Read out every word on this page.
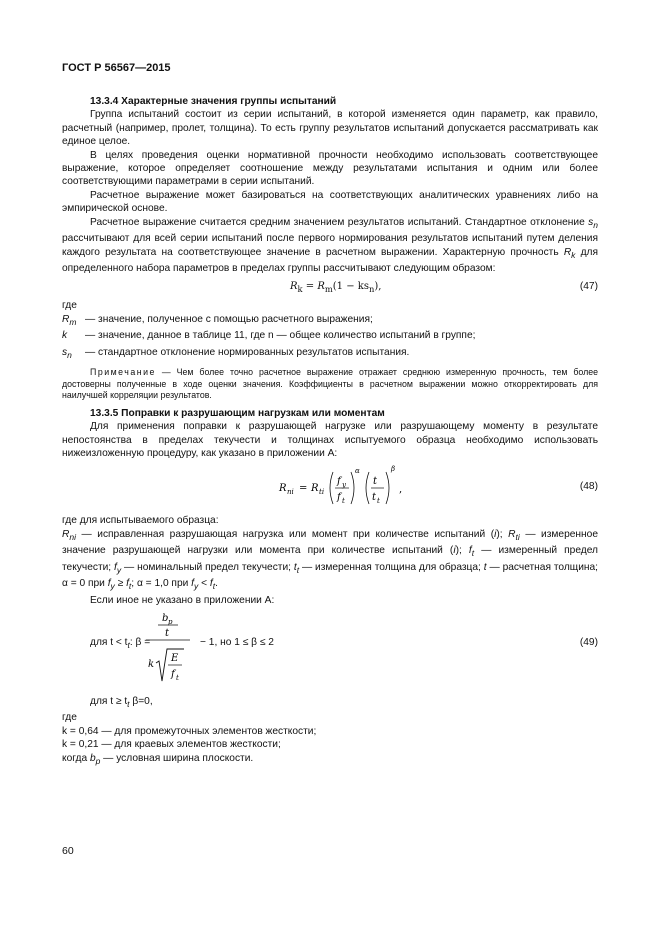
ГОСТ Р 56567—2015

13.3.4 Характерные значения группы испытаний

Группа испытаний состоит из серии испытаний, в которой изменяется один параметр, как правило, расчетный (например, пролет, толщина). То есть группу результатов испытаний допускается рассматривать как единое целое.

В целях проведения оценки нормативной прочности необходимо использовать соответствующее выражение, которое определяет соотношение между результатами испытания и одним или более соответствующими параметрами в серии испытаний.

Расчетное выражение может базироваться на соответствующих аналитических уравнениях либо на эмпирической основе.

Расчетное выражение считается средним значением результатов испытаний. Стандартное отклонение $s_n$ рассчитывают для всей серии испытаний после первого нормирования результатов испытаний путем деления каждого результата на соответствующее значение в расчетном выражении. Характерную прочность $R_k$ для определенного набора параметров в пределах группы рассчитывают следующим образом:

$R_k = R_m(1 - ks_n)$,	(47)

где

$R_m$ — значение, полученное с помощью расчетного выражения;
k	— значение, данное в таблице 11, где n — общее количество испытаний в группе;
$s_n$	— стандартное отклонение нормированных результатов испытания.

Примечание — Чем более точно расчетное выражение отражает среднюю измеренную прочность, тем более достоверны полученные в ходе оценки значения. Коэффициенты в расчетном выражении можно откорректировать для наилучшей корреляции результатов.

13.3.5 Поправки к разрушающим нагрузкам или моментам

Для применения поправки к разрушающей нагрузке или разрушающему моменту в результате непостоянства в пределах текучести и толщинах испытуемого образца необходимо использовать нижеизложенную процедуру, как указано в приложении А:

R ni = R ti
f y
f t
α
t
t t
β
,	(48)

где для испытываемого образца:

$R_{ni}$ — исправленная разрушающая нагрузка или момент при количестве испытаний (i); $R_{ti}$ — измеренное значение разрушающей нагрузки или момента при количестве испытаний (i); $f_t$ — измеренный предел текучести; $f_y$ — номинальный предел текучести; $t_t$ — измеренная толщина для образца; t — расчетная толщина; α = 0 при $f_y \ge f_t$; α = 1,0 при $f_y < f_t$.

Если иное не указано в приложении А:

для $t < t_t$: β =
b p
t
k
E
f t
− 1, но 1 ≤ β ≤ 2	(49)

для $t \ge t_t$ β=0,

где

k = 0,64 — для промежуточных элементов жесткости;

k = 0,21 — для краевых элементов жесткости;

когда $b_p$ — условная ширина плоскости.

60
